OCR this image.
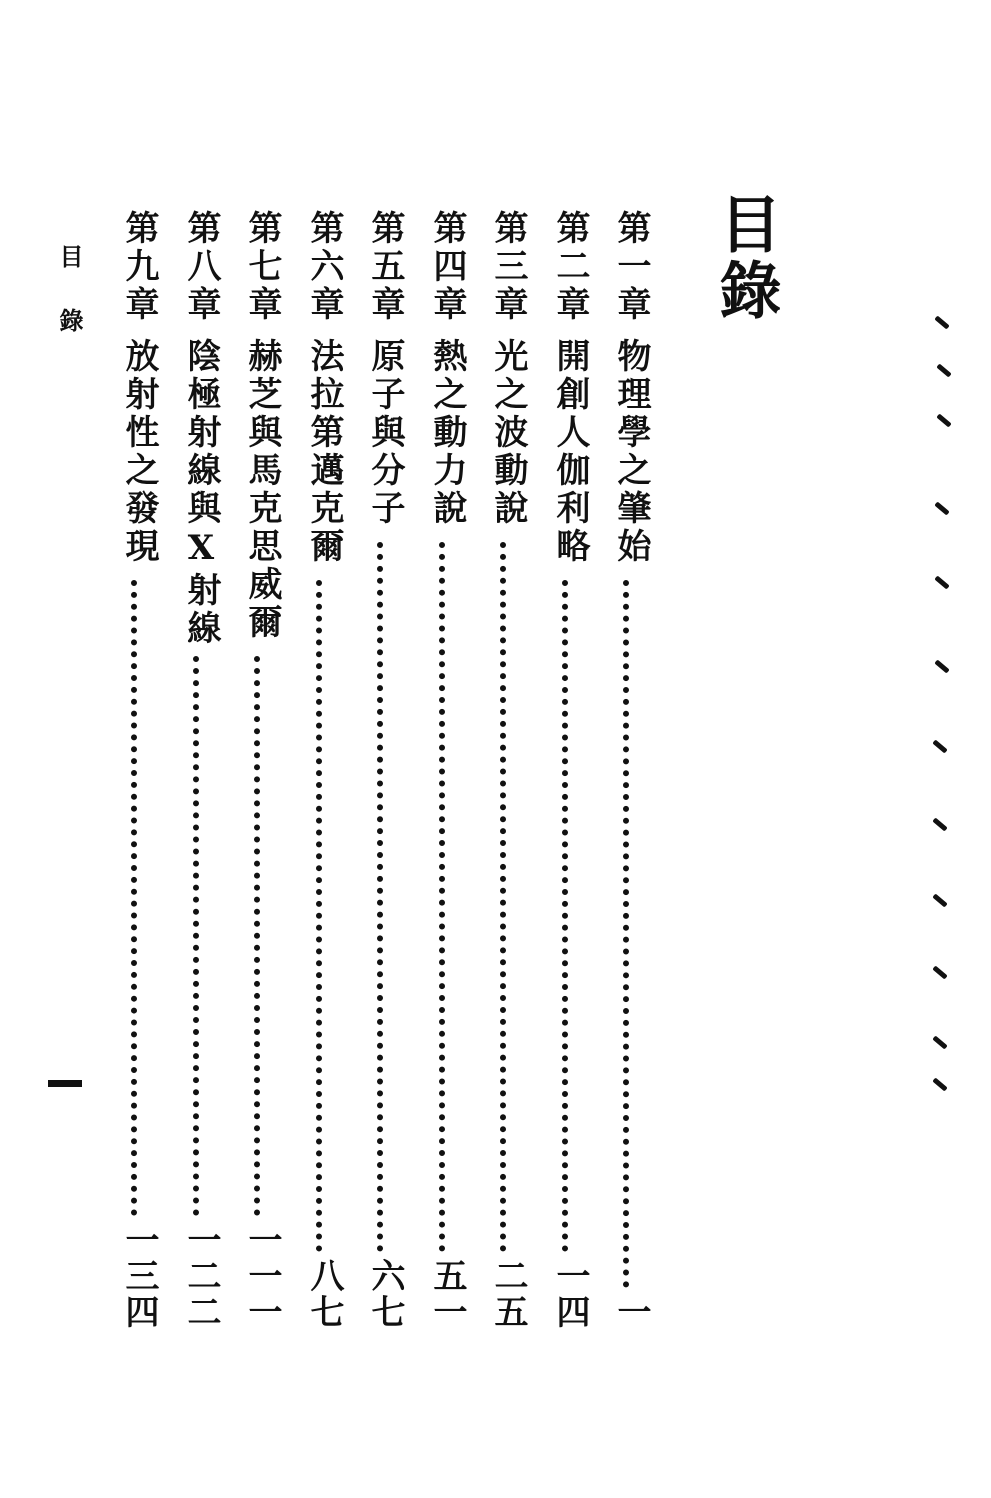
目錄
第一章
物理學之肇始
一
第二章
開創人伽利略
一四
第三章
光之波動說
二五
第四章
熱之動力說
五一
第五章
原子與分子
六七
第六章
法拉第邁克爾
八七
第七章
赫芝與馬克思威爾
一一一
第八章
陰極射線與X射線
一二二
第九章
放射性之發現
一三四
目錄
